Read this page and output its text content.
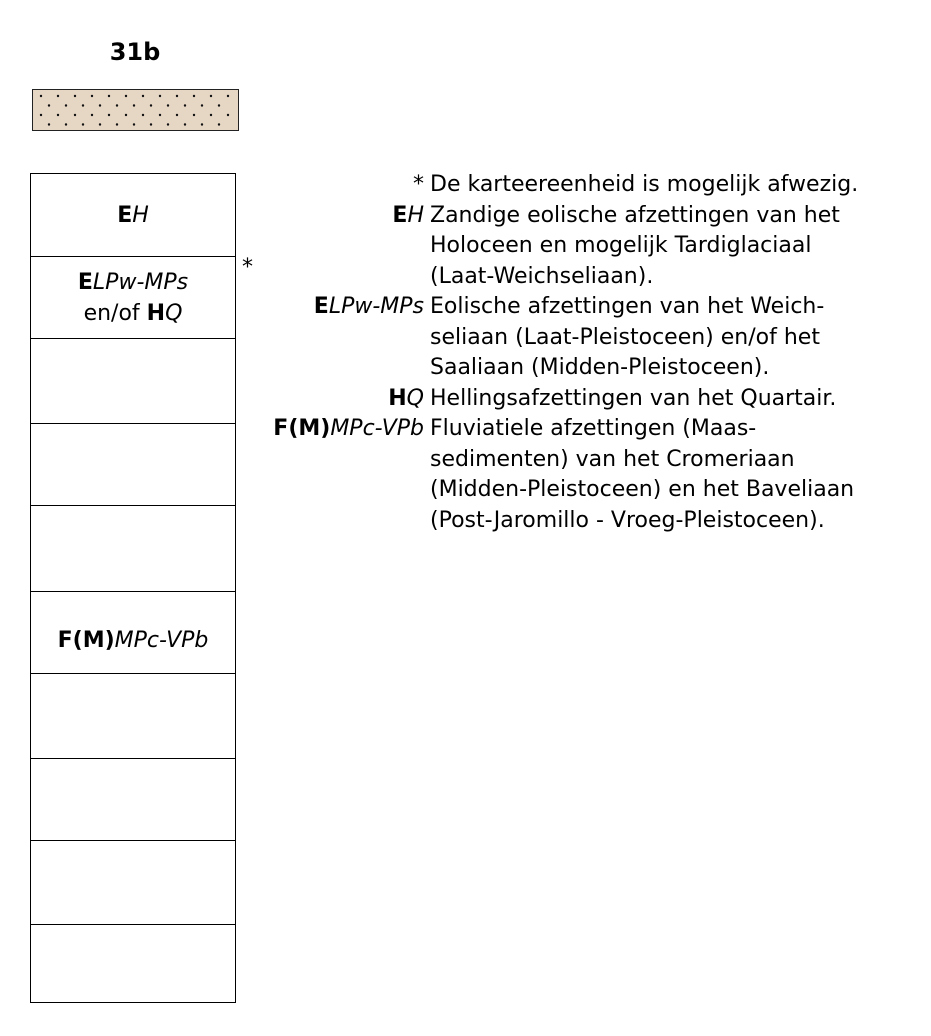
31b
EH
ELPw-MPs
en/of HQ
F(M)MPc-VPb
*
* De karteereenheid is mogelijk afwezig.
EH Zandige eolische afzettingen van het
Holoceen en mogelijk Tardiglaciaal
(Laat-Weichseliaan).
ELPw-MPs Eolische afzettingen van het Weich-
seliaan (Laat-Pleistoceen) en/of het
Saaliaan (Midden-Pleistoceen).
HQ Hellingsafzettingen van het Quartair.
F(M)MPc-VPb Fluviatiele afzettingen (Maas-
sedimenten) van het Cromeriaan
(Midden-Pleistoceen) en het Baveliaan
(Post-Jaromillo - Vroeg-Pleistoceen).
